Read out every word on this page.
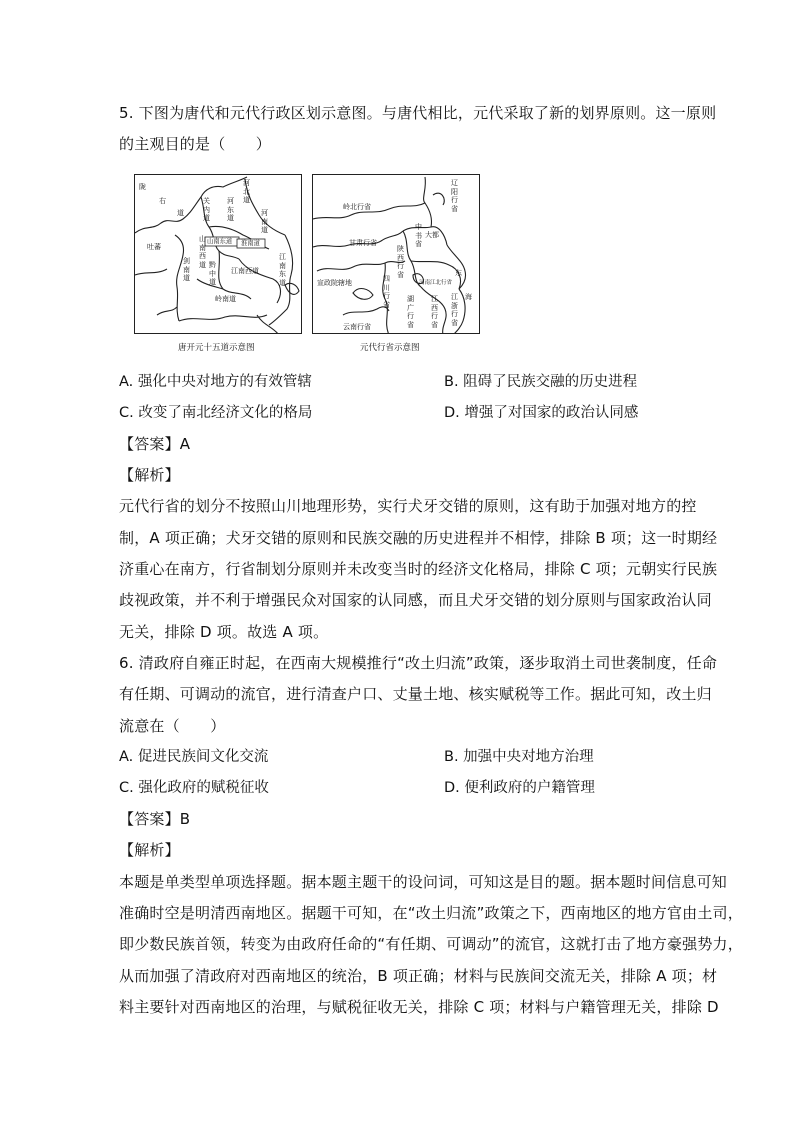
5. 下图为唐代和元代行政区划示意图。与唐代相比，元代采取了新的划界原则。这一原则
的主观目的是（　　）
陇
右
道
吐蕃
关内道
河东道
河北道
河南道
山南东道 淮南道
山南西道
剑南道
黔中道
江南西道
江南东道
岭南道
辽阳行省
岭北行省
甘肃行省
中书省
大都
陕西行省
河南江北行省
东
海
宣政院辖地	四川行省
湖广行省
江浙行省
江西行省
云南行省
唐开元十五道示意图	元代行省示意图
A. 强化中央对地方的有效管辖	B. 阻碍了民族交融的历史进程
C. 改变了南北经济文化的格局	D. 增强了对国家的政治认同感
【答案】A
【解析】
元代行省的划分不按照山川地理形势，实行犬牙交错的原则，这有助于加强对地方的控
制，A 项正确；犬牙交错的原则和民族交融的历史进程并不相悖，排除 B 项；这一时期经
济重心在南方，行省制划分原则并未改变当时的经济文化格局，排除 C 项；元朝实行民族
歧视政策，并不利于增强民众对国家的认同感，而且犬牙交错的划分原则与国家政治认同
无关，排除 D 项。故选 A 项。
6. 清政府自雍正时起，在西南大规模推行“改土归流”政策，逐步取消土司世袭制度，任命
有任期、可调动的流官，进行清查户口、丈量土地、核实赋税等工作。据此可知，改土归
流意在（　　）
A. 促进民族间文化交流	B. 加强中央对地方治理
C. 强化政府的赋税征收	D. 便利政府的户籍管理
【答案】B
【解析】
本题是单类型单项选择题。据本题主题干的设问词，可知这是目的题。据本题时间信息可知
准确时空是明清西南地区。据题干可知，在“改土归流”政策之下，西南地区的地方官由土司，
即少数民族首领，转变为由政府任命的“有任期、可调动”的流官，这就打击了地方豪强势力，
从而加强了清政府对西南地区的统治，B 项正确；材料与民族间交流无关，排除 A 项；材
料主要针对西南地区的治理，与赋税征收无关，排除 C 项；材料与户籍管理无关，排除 D
